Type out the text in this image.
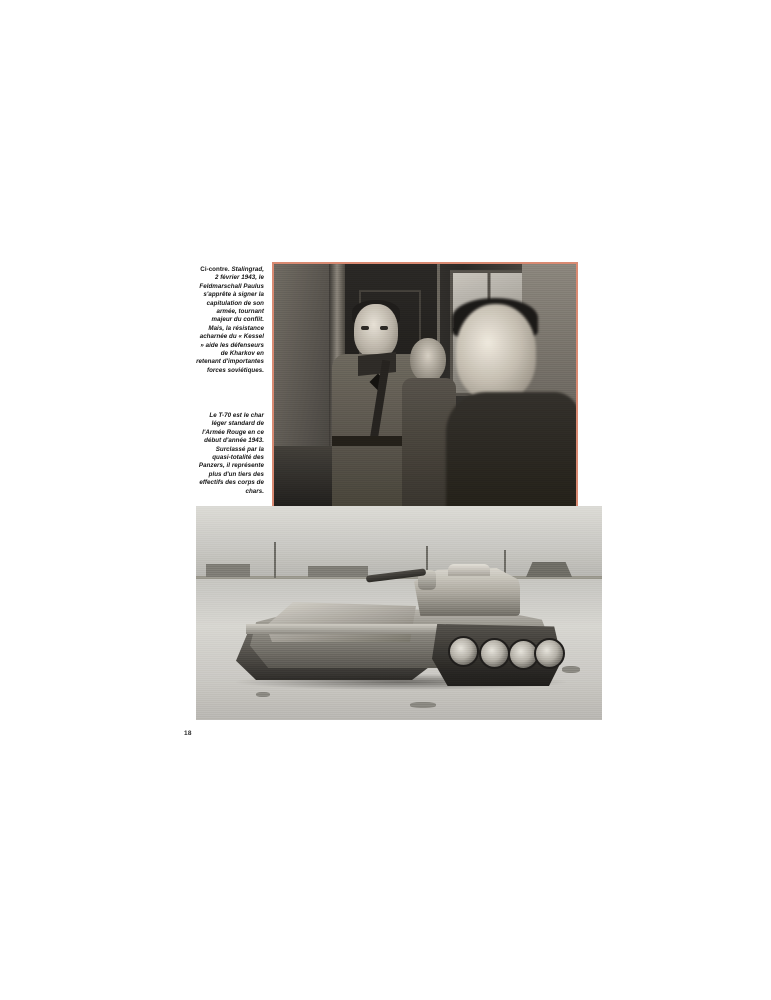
Ci-contre. Stalingrad, 2 février 1943, le Feldmarschall Paulus s'apprête à signer la capitulation de son armée, tournant majeur du conflit. Mais, la résistance acharnée du « Kessel » aide les défenseurs de Kharkov en retenant d'importantes forces soviétiques.
Le T-70 est le char léger standard de l'Armée Rouge en ce début d'année 1943. Surclassé par la quasi-totalité des Panzers, il représente plus d'un tiers des effectifs des corps de chars.
18
